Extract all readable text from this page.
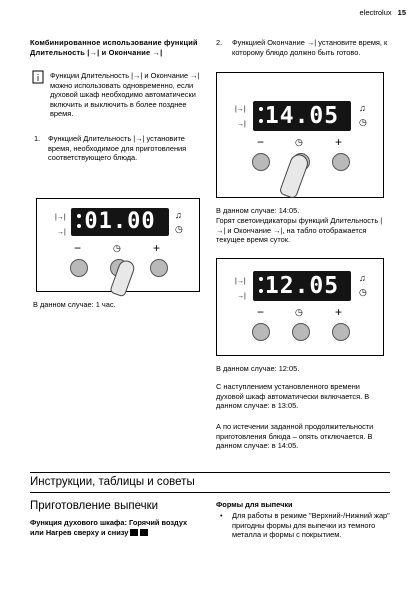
electrolux 15
Комбинированное использование функций Длительность |→| и Окончание →|
i Функции Длительность |→| и Окончание →| можно использовать одновременно, если духовой шкаф необходимо автоматически включить и выключить в более позднее время.
1.	Функцией Длительность |→| установите время, необходимое для приготовления соответствующего блюда.
|→|
→| 01.00	♫
◷
−	◷	+
В данном случае: 1 час.
2.	Функцией Окончание →| установите время, к которому блюдо должно быть готово.
|→|
→| 14.05	♫
◷
−	◷	+
В данном случае: 14:05.
Горят светоиндикаторы функций Длительность |→| и Окончание →|, на табло отображается текущее время суток.
|→|
→| 12.05	♫
◷
−	◷	+
В данном случае: 12:05.
С наступлением установленного времени духовой шкаф автоматически включается. В данном случае: в 13:05.
А по истечении заданной продолжительности приготовления блюда – опять отключается. В данном случае: в 14:05.
Инструкции, таблицы и советы
Приготовление выпечки
Функция духового шкафа: Горячий воздух или Нагрев сверху и снизу
Формы для выпечки
•	Для работы в режиме "Верхний-/Нижний жар" пригодны формы для выпечки из темного металла и формы с покрытием.
